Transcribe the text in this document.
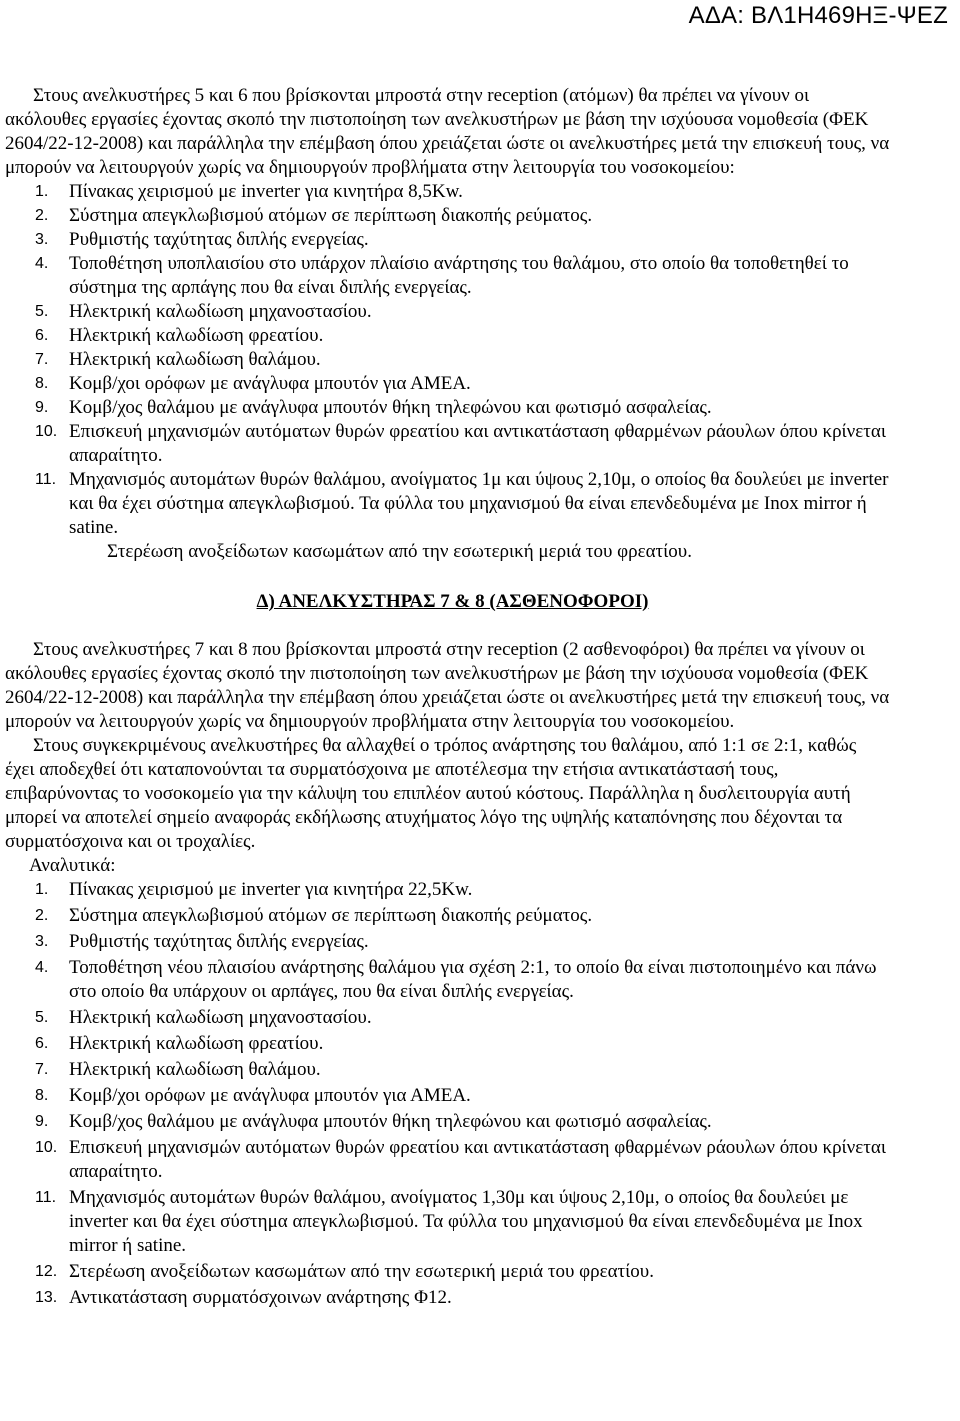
ΑΔΑ: ΒΛ1Η469ΗΞ-ΨΕΖ

Στους ανελκυστήρες 5 και 6 που βρίσκονται μπροστά στην reception (ατόμων) θα πρέπει να γίνουν οι ακόλουθες εργασίες έχοντας σκοπό την πιστοποίηση των ανελκυστήρων με βάση την ισχύουσα νομοθεσία (ΦΕΚ 2604/22-12-2008) και παράλληλα την επέμβαση όπου χρειάζεται ώστε οι ανελκυστήρες μετά την επισκευή τους, να μπορούν να λειτουργούν χωρίς να δημιουργούν προβλήματα στην λειτουργία του νοσοκομείου:

1. Πίνακας χειρισμού με inverter για κινητήρα 8,5Kw.
2. Σύστημα απεγκλωβισμού ατόμων σε περίπτωση διακοπής ρεύματος.
3. Ρυθμιστής ταχύτητας διπλής ενεργείας.
4. Τοποθέτηση υποπλαισίου στο υπάρχον πλαίσιο ανάρτησης του θαλάμου, στο οποίο θα τοποθετηθεί το σύστημα της αρπάγης που θα είναι διπλής ενεργείας.
5. Ηλεκτρική καλωδίωση μηχανοστασίου.
6. Ηλεκτρική καλωδίωση φρεατίου.
7. Ηλεκτρική καλωδίωση θαλάμου.
8. Κομβ/χοι ορόφων με ανάγλυφα μπουτόν για ΑΜΕΑ.
9. Κομβ/χος θαλάμου με ανάγλυφα μπουτόν θήκη τηλεφώνου και φωτισμό ασφαλείας.
10. Επισκευή μηχανισμών αυτόματων θυρών φρεατίου και αντικατάσταση φθαρμένων ράουλων όπου κρίνεται απαραίτητο.
11. Μηχανισμός αυτομάτων θυρών θαλάμου, ανοίγματος 1μ και ύψους 2,10μ, ο οποίος θα δουλεύει με inverter και θα έχει σύστημα απεγκλωβισμού. Τα φύλλα του μηχανισμού θα είναι επενδεδυμένα με Inox mirror ή satine.

Στερέωση ανοξείδωτων κασωμάτων από την εσωτερική μεριά του φρεατίου.

Δ) ΑΝΕΛΚΥΣΤΗΡΑΣ 7 & 8 (ΑΣΘΕΝΟΦΟΡΟΙ)

Στους ανελκυστήρες 7 και 8 που βρίσκονται μπροστά στην reception (2 ασθενοφόροι) θα πρέπει να γίνουν οι ακόλουθες εργασίες έχοντας σκοπό την πιστοποίηση των ανελκυστήρων με βάση την ισχύουσα νομοθεσία (ΦΕΚ 2604/22-12-2008) και παράλληλα την επέμβαση όπου χρειάζεται ώστε οι ανελκυστήρες μετά την επισκευή τους, να μπορούν να λειτουργούν χωρίς να δημιουργούν προβλήματα στην λειτουργία του νοσοκομείου.

Στους συγκεκριμένους ανελκυστήρες θα αλλαχθεί ο τρόπος ανάρτησης του θαλάμου, από 1:1 σε 2:1, καθώς έχει αποδεχθεί ότι καταπονούνται τα συρματόσχοινα με αποτέλεσμα την ετήσια αντικατάστασή τους, επιβαρύνοντας το νοσοκομείο για την κάλυψη του επιπλέον αυτού κόστους. Παράλληλα η δυσλειτουργία αυτή μπορεί να αποτελεί σημείο αναφοράς εκδήλωσης ατυχήματος λόγο της υψηλής καταπόνησης που δέχονται τα συρματόσχοινα και οι τροχαλίες.

Αναλυτικά:

1. Πίνακας χειρισμού με inverter για κινητήρα 22,5Kw.
2. Σύστημα απεγκλωβισμού ατόμων σε περίπτωση διακοπής ρεύματος.
3. Ρυθμιστής ταχύτητας διπλής ενεργείας.
4. Τοποθέτηση νέου πλαισίου ανάρτησης θαλάμου για σχέση 2:1, το οποίο θα είναι πιστοποιημένο και πάνω στο οποίο θα υπάρχουν οι αρπάγες, που θα είναι διπλής ενεργείας.
5. Ηλεκτρική καλωδίωση μηχανοστασίου.
6. Ηλεκτρική καλωδίωση φρεατίου.
7. Ηλεκτρική καλωδίωση θαλάμου.
8. Κομβ/χοι ορόφων με ανάγλυφα μπουτόν για ΑΜΕΑ.
9. Κομβ/χος θαλάμου με ανάγλυφα μπουτόν θήκη τηλεφώνου και φωτισμό ασφαλείας.
10. Επισκευή μηχανισμών αυτόματων θυρών φρεατίου και αντικατάσταση φθαρμένων ράουλων όπου κρίνεται απαραίτητο.
11. Μηχανισμός αυτομάτων θυρών θαλάμου, ανοίγματος 1,30μ και ύψους 2,10μ, ο οποίος θα δουλεύει με inverter και θα έχει σύστημα απεγκλωβισμού. Τα φύλλα του μηχανισμού θα είναι επενδεδυμένα με Inox mirror ή satine.
12. Στερέωση ανοξείδωτων κασωμάτων από την εσωτερική μεριά του φρεατίου.
13. Αντικατάσταση συρματόσχοινων ανάρτησης Φ12.
